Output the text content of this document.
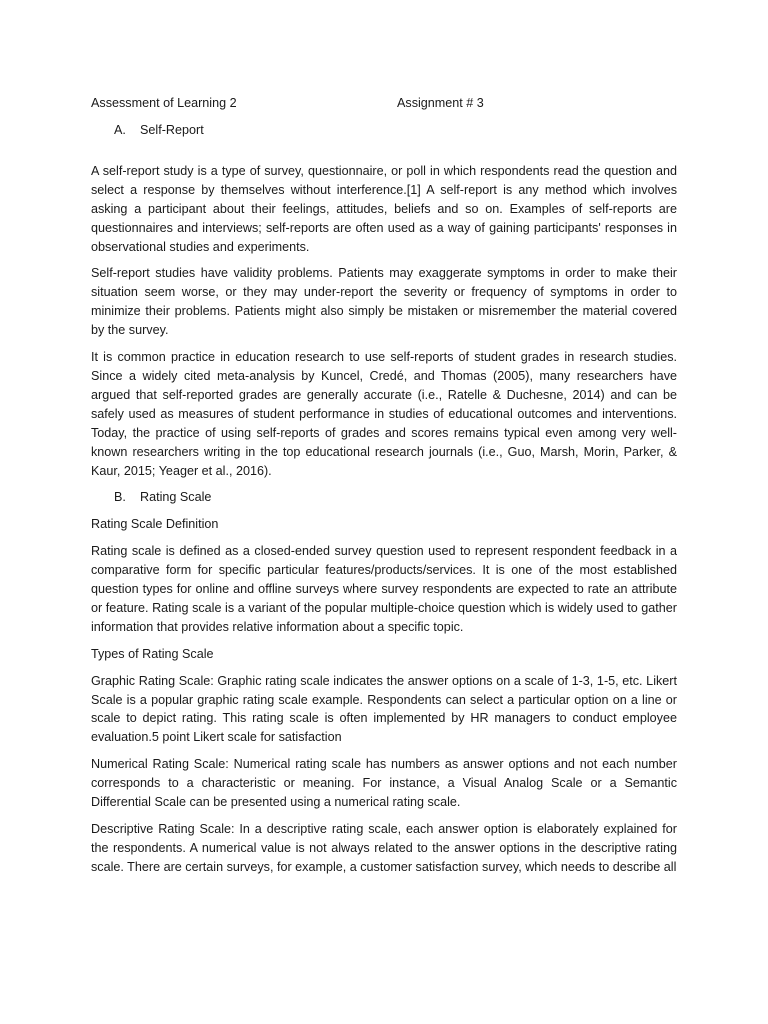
Assessment of Learning 2	Assignment # 3
A. Self-Report

A self-report study is a type of survey, questionnaire, or poll in which respondents read the question and select a response by themselves without interference.[1] A self-report is any method which involves asking a participant about their feelings, attitudes, beliefs and so on. Examples of self-reports are questionnaires and interviews; self-reports are often used as a way of gaining participants' responses in observational studies and experiments.

Self-report studies have validity problems. Patients may exaggerate symptoms in order to make their situation seem worse, or they may under-report the severity or frequency of symptoms in order to minimize their problems. Patients might also simply be mistaken or misremember the material covered by the survey.

It is common practice in education research to use self-reports of student grades in research studies. Since a widely cited meta-analysis by Kuncel, Credé, and Thomas (2005), many researchers have argued that self-reported grades are generally accurate (i.e., Ratelle & Duchesne, 2014) and can be safely used as measures of student performance in studies of educational outcomes and interventions. Today, the practice of using self-reports of grades and scores remains typical even among very well-known researchers writing in the top educational research journals (i.e., Guo, Marsh, Morin, Parker, & Kaur, 2015; Yeager et al., 2016).

B. Rating Scale
Rating Scale Definition

Rating scale is defined as a closed-ended survey question used to represent respondent feedback in a comparative form for specific particular features/products/services. It is one of the most established question types for online and offline surveys where survey respondents are expected to rate an attribute or feature. Rating scale is a variant of the popular multiple-choice question which is widely used to gather information that provides relative information about a specific topic.

Types of Rating Scale

Graphic Rating Scale: Graphic rating scale indicates the answer options on a scale of 1-3, 1-5, etc. Likert Scale is a popular graphic rating scale example. Respondents can select a particular option on a line or scale to depict rating. This rating scale is often implemented by HR managers to conduct employee evaluation.5 point Likert scale for satisfaction

Numerical Rating Scale: Numerical rating scale has numbers as answer options and not each number corresponds to a characteristic or meaning. For instance, a Visual Analog Scale or a Semantic Differential Scale can be presented using a numerical rating scale.

Descriptive Rating Scale: In a descriptive rating scale, each answer option is elaborately explained for the respondents. A numerical value is not always related to the answer options in the descriptive rating scale. There are certain surveys, for example, a customer satisfaction survey, which needs to describe all
